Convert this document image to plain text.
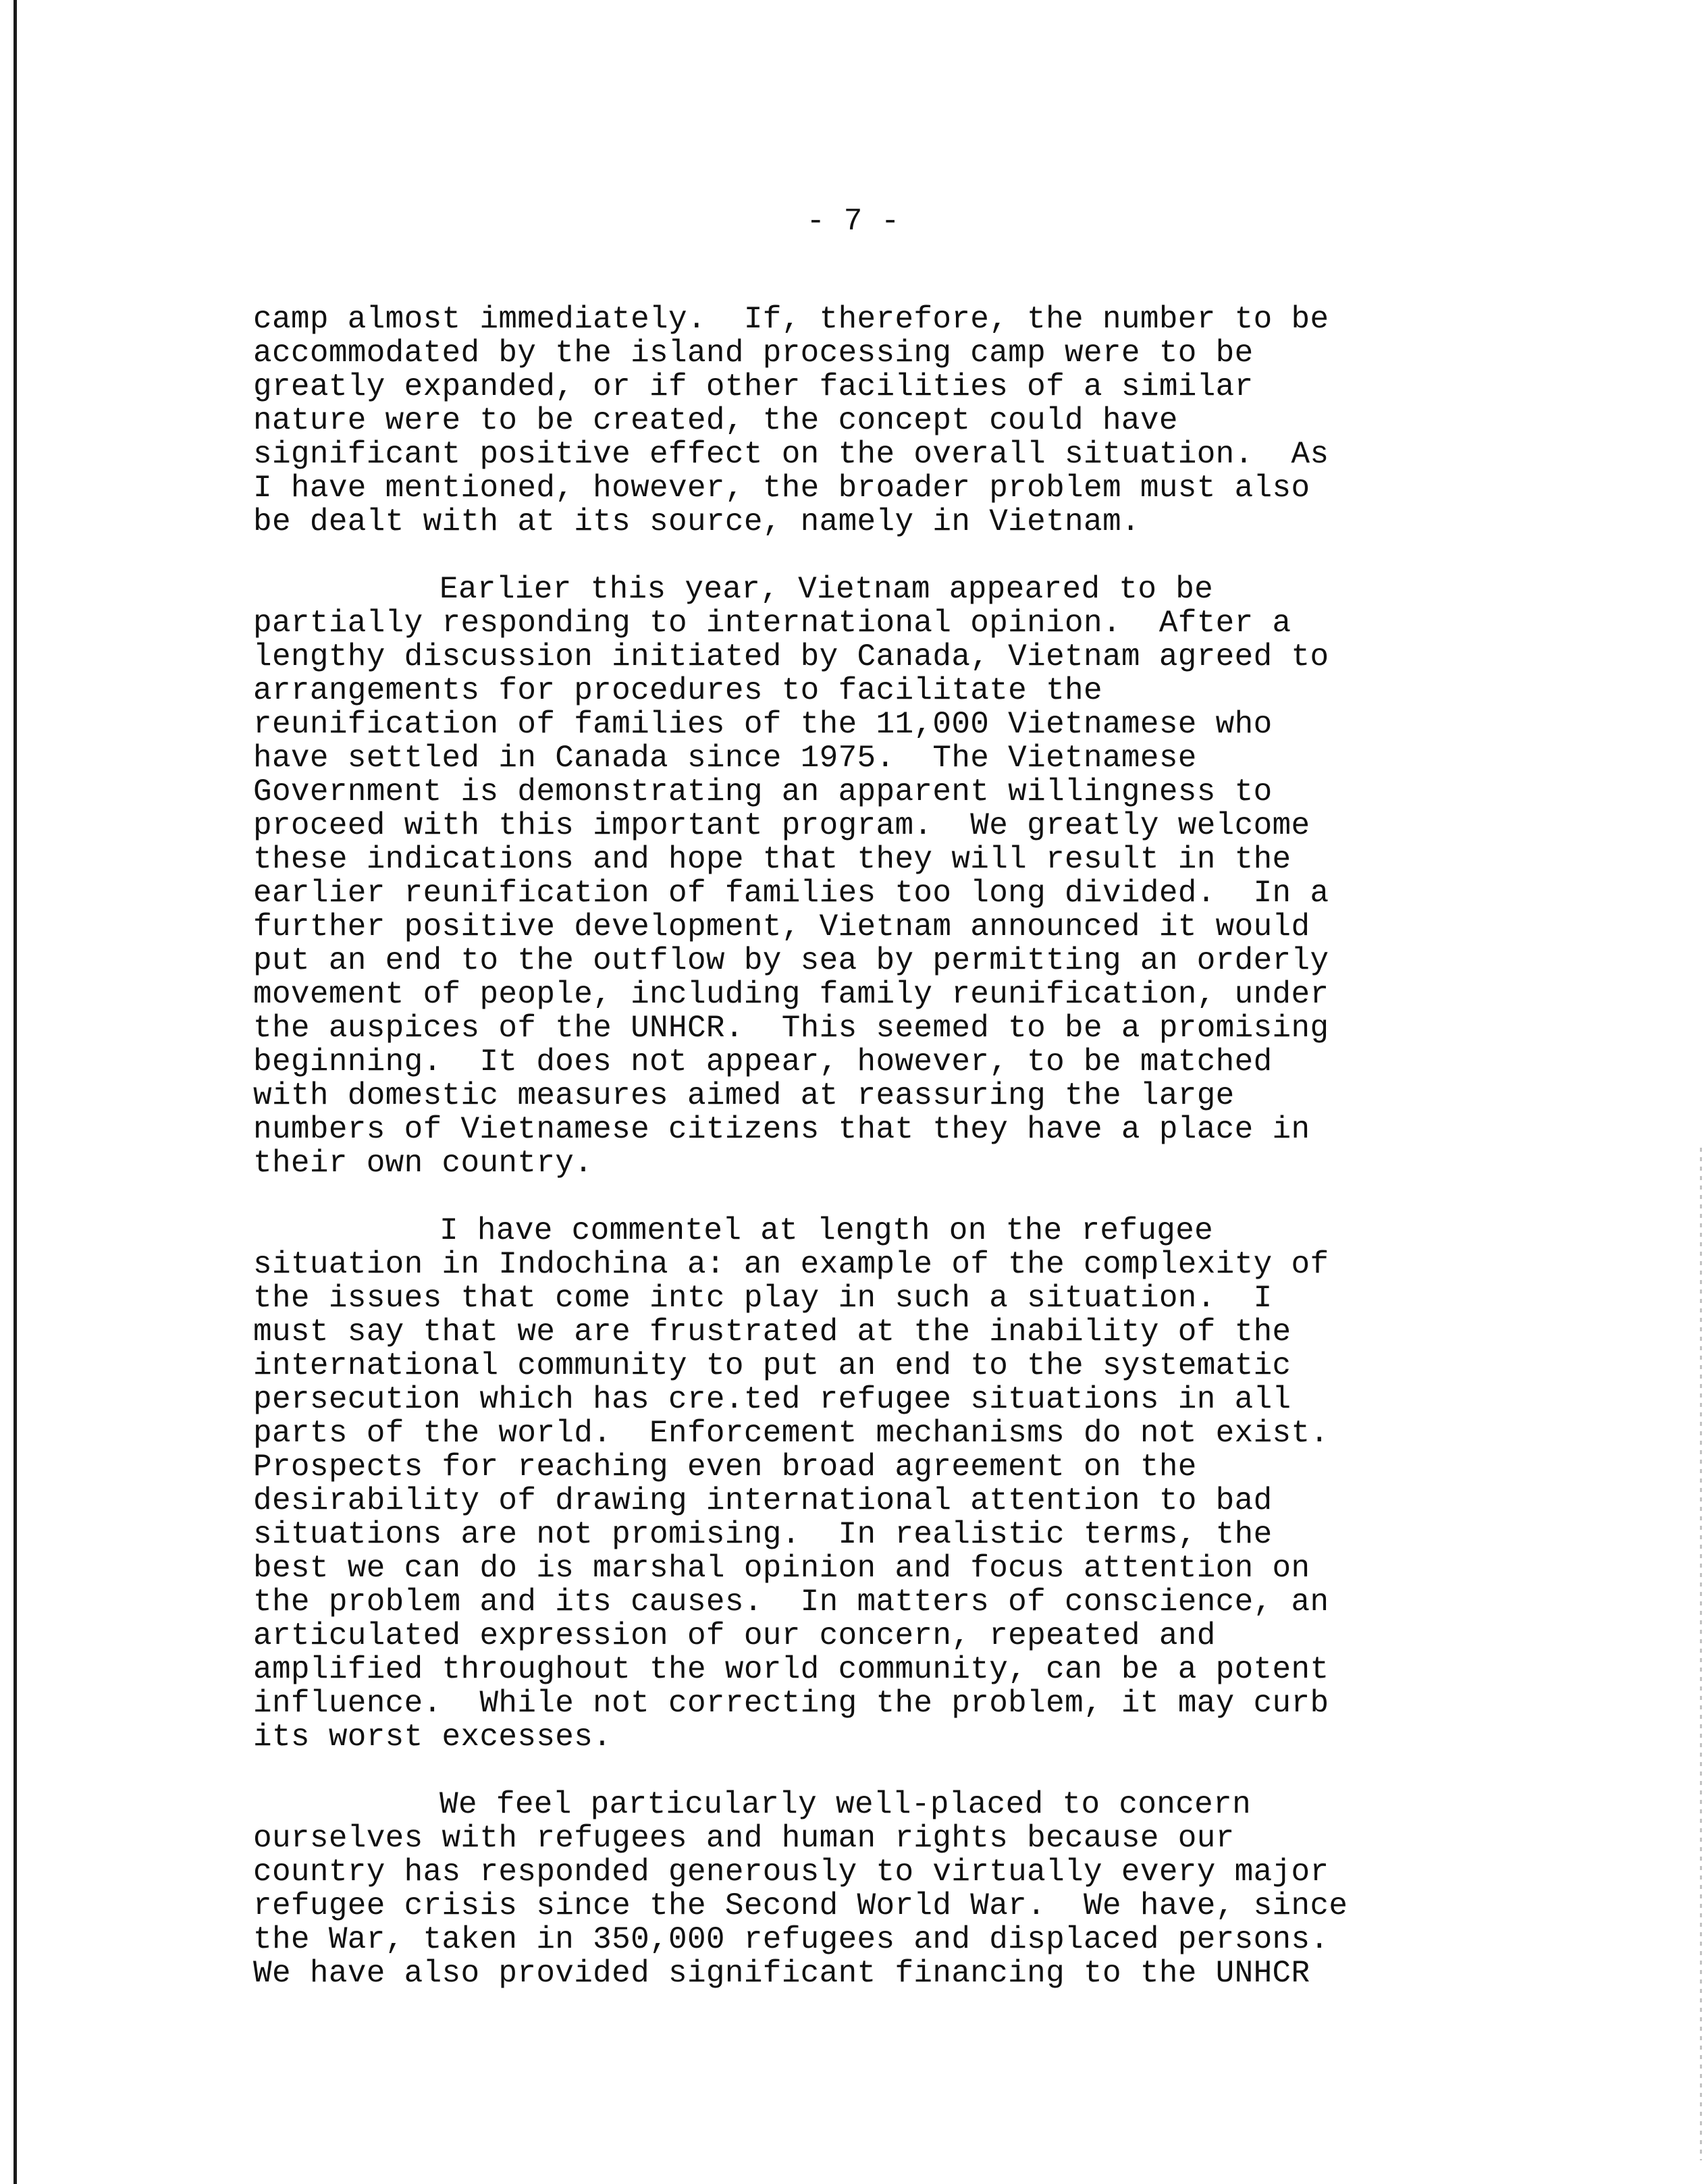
- 7 -
camp almost immediately.  If, therefore, the number to be
accommodated by the island processing camp were to be
greatly expanded, or if other facilities of a similar
nature were to be created, the concept could have
significant positive effect on the overall situation.  As
I have mentioned, however, the broader problem must also
be dealt with at its source, namely in Vietnam.
Earlier this year, Vietnam appeared to be
partially responding to international opinion.  After a
lengthy discussion initiated by Canada, Vietnam agreed to
arrangements for procedures to facilitate the
reunification of families of the 11,000 Vietnamese who
have settled in Canada since 1975.  The Vietnamese
Government is demonstrating an apparent willingness to
proceed with this important program.  We greatly welcome
these indications and hope that they will result in the
earlier reunification of families too long divided.  In a
further positive development, Vietnam announced it would
put an end to the outflow by sea by permitting an orderly
movement of people, including family reunification, under
the auspices of the UNHCR.  This seemed to be a promising
beginning.  It does not appear, however, to be matched
with domestic measures aimed at reassuring the large
numbers of Vietnamese citizens that they have a place in
their own country.
I have commentel at length on the refugee
situation in Indochina a: an example of the complexity of
the issues that come intc play in such a situation.  I
must say that we are frustrated at the inability of the
international community to put an end to the systematic
persecution which has cre.ted refugee situations in all
parts of the world.  Enforcement mechanisms do not exist.
Prospects for reaching even broad agreement on the
desirability of drawing international attention to bad
situations are not promising.  In realistic terms, the
best we can do is marshal opinion and focus attention on
the problem and its causes.  In matters of conscience, an
articulated expression of our concern, repeated and
amplified throughout the world community, can be a potent
influence.  While not correcting the problem, it may curb
its worst excesses.
We feel particularly well-placed to concern
ourselves with refugees and human rights because our
country has responded generously to virtually every major
refugee crisis since the Second World War.  We have, since
the War, taken in 350,000 refugees and displaced persons.
We have also provided significant financing to the UNHCR
